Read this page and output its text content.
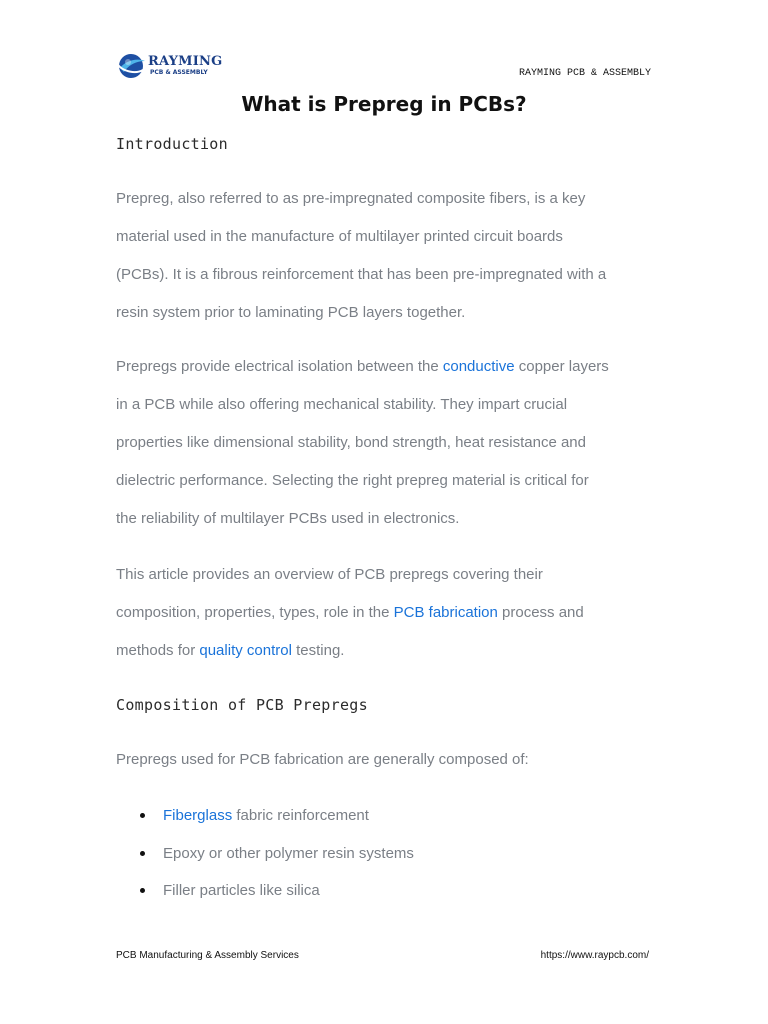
RAYMING
PCB & ASSEMBLY	RAYMING PCB & ASSEMBLY
What is Prepreg in PCBs?
Introduction

Prepreg, also referred to as pre-impregnated composite fibers, is a key
material used in the manufacture of multilayer printed circuit boards
(PCBs). It is a fibrous reinforcement that has been pre-impregnated with a
resin system prior to laminating PCB layers together.

Prepregs provide electrical isolation between the conductive copper layers
in a PCB while also offering mechanical stability. They impart crucial
properties like dimensional stability, bond strength, heat resistance and
dielectric performance. Selecting the right prepreg material is critical for
the reliability of multilayer PCBs used in electronics.

This article provides an overview of PCB prepregs covering their
composition, properties, types, role in the PCB fabrication process and
methods for quality control testing.

Composition of PCB Prepregs

Prepregs used for PCB fabrication are generally composed of:

Fiberglass fabric reinforcement
Epoxy or other polymer resin systems
Filler particles like silica
PCB Manufacturing & Assembly Services	https://www.raypcb.com/
